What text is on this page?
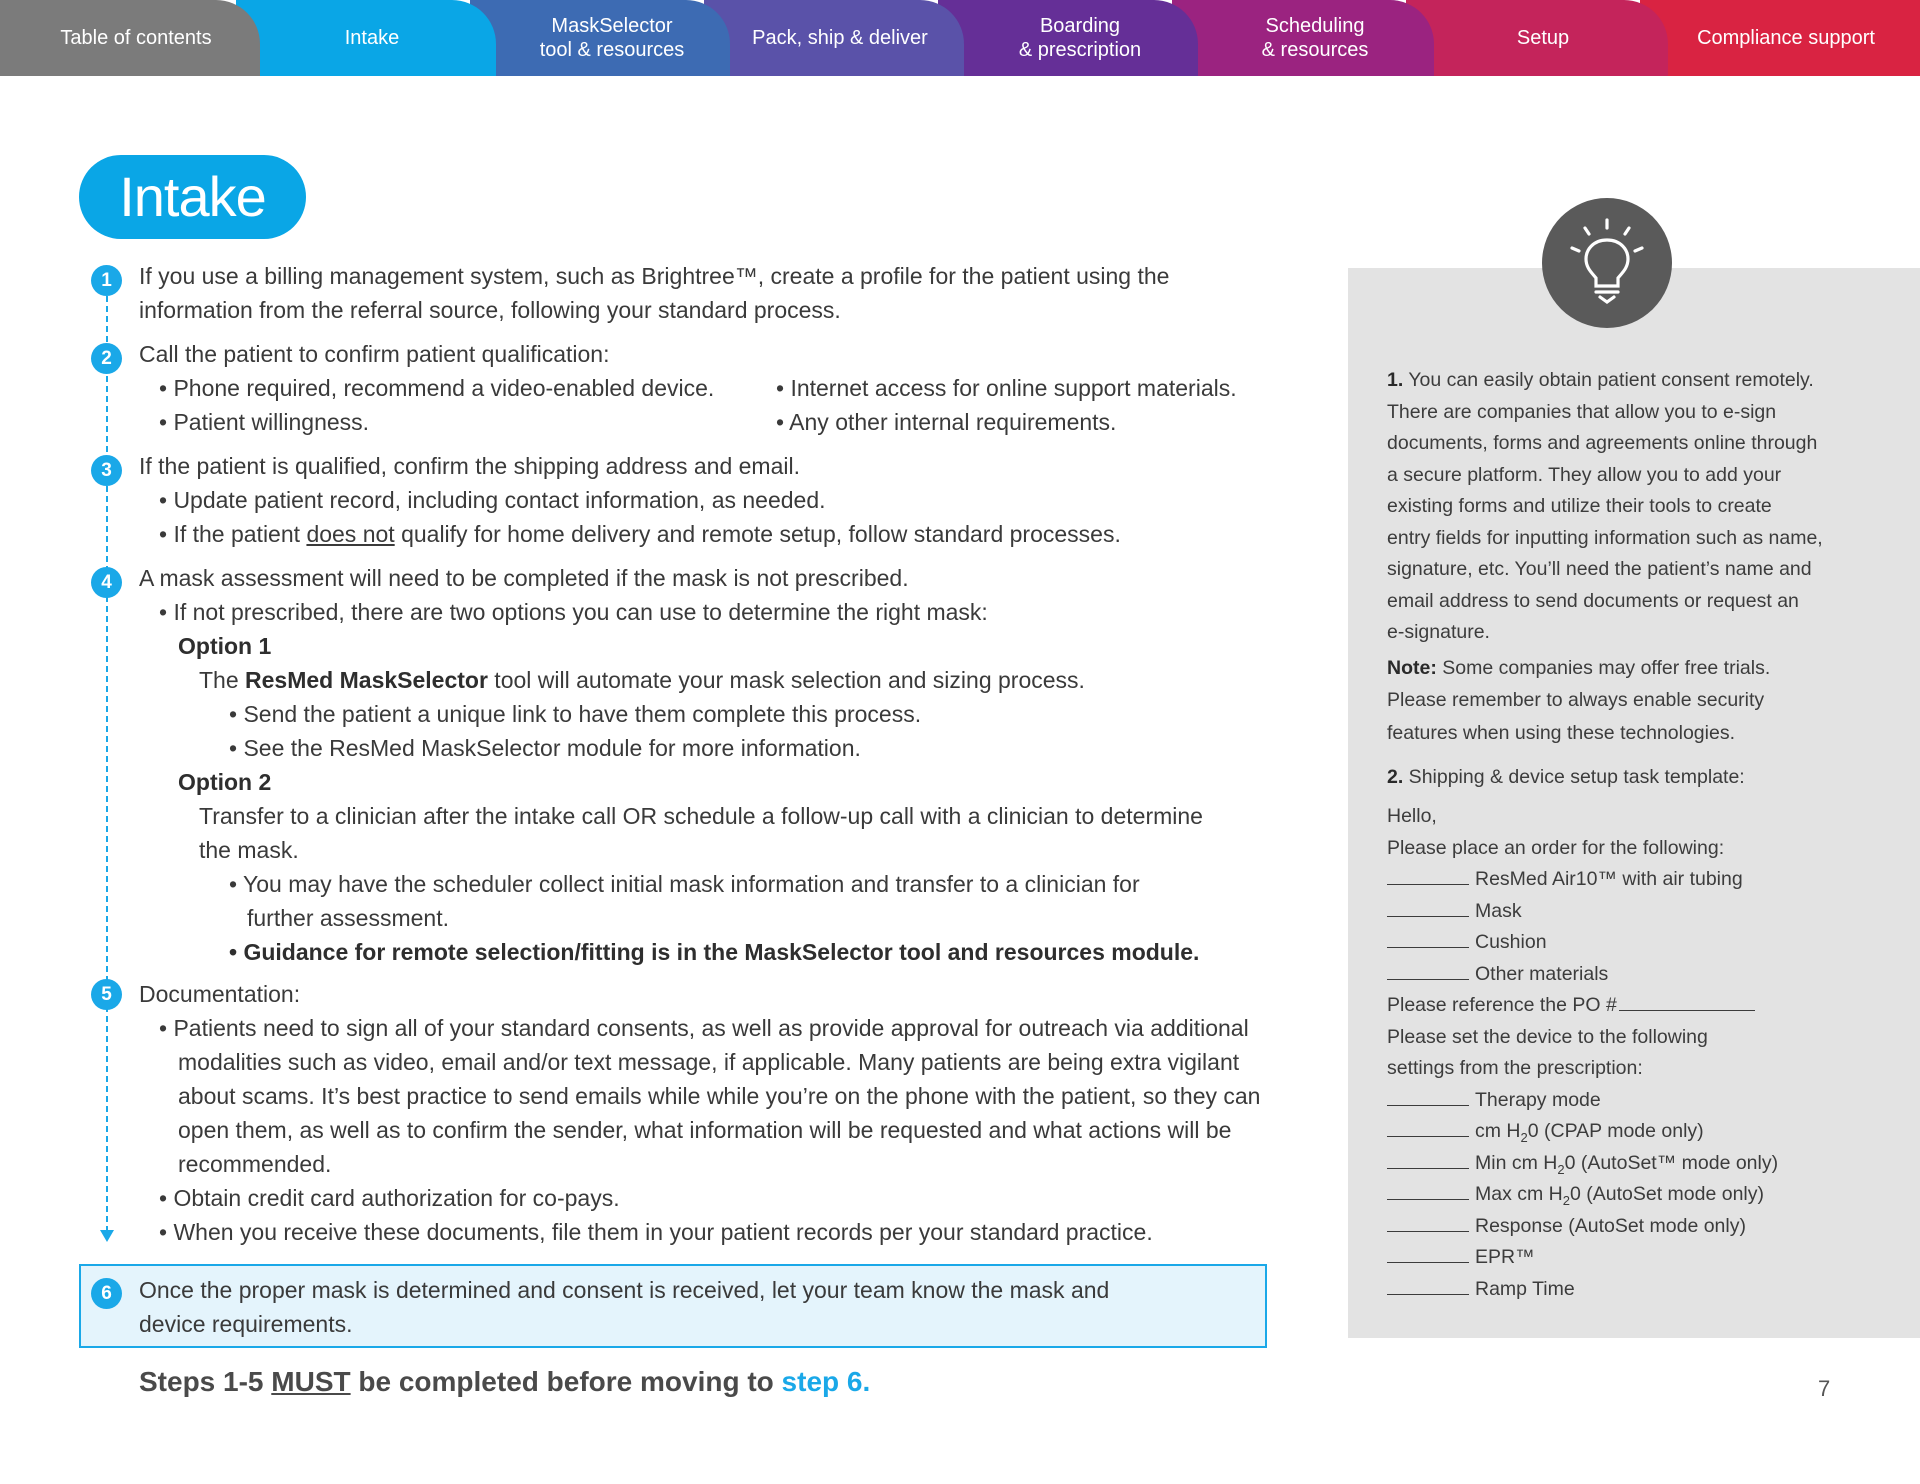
Table of contents	Intake
MaskSelector
tool & resources
Pack, ship & deliver
Boarding
& prescription
Scheduling
& resources
Setup	Compliance support
Intake
1	If you use a billing management system, such as Brightree™, create a profile for the patient using the
information from the referral source, following your standard process.
2	Call the patient to confirm patient qualification:
• Phone required, recommend a video-enabled device.
• Patient willingness.
• Internet access for online support materials.
• Any other internal requirements.
3	If the patient is qualified, confirm the shipping address and email.
• Update patient record, including contact information, as needed.
• If the patient does not qualify for home delivery and remote setup, follow standard processes.
4	A mask assessment will need to be completed if the mask is not prescribed.
• If not prescribed, there are two options you can use to determine the right mask:
Option 1
The ResMed MaskSelector tool will automate your mask selection and sizing process.
• Send the patient a unique link to have them complete this process.
• See the ResMed MaskSelector module for more information.
Option 2
Transfer to a clinician after the intake call OR schedule a follow-up call with a clinician to determine
the mask.
• You may have the scheduler collect initial mask information and transfer to a clinician for
further assessment.
• Guidance for remote selection/fitting is in the MaskSelector tool and resources module.
5	Documentation:
• Patients need to sign all of your standard consents, as well as provide approval for outreach via additional
modalities such as video, email and/or text message, if applicable. Many patients are being extra vigilant
about scams. It’s best practice to send emails while while you’re on the phone with the patient, so they can
open them, as well as to confirm the sender, what information will be requested and what actions will be
recommended.
• Obtain credit card authorization for co-pays.
• When you receive these documents, file them in your patient records per your standard practice.
6	Once the proper mask is determined and consent is received, let your team know the mask and
device requirements.
Steps 1-5 MUST be completed before moving to step 6.	7
1. You can easily obtain patient consent remotely.
There are companies that allow you to e-sign
documents, forms and agreements online through
a secure platform. They allow you to add your
existing forms and utilize their tools to create
entry fields for inputting information such as name,
signature, etc. You’ll need the patient’s name and
email address to send documents or request an
e-signature.
Note: Some companies may offer free trials.
Please remember to always enable security
features when using these technologies.
2. Shipping & device setup task template:
Hello,
Please place an order for the following:
ResMed Air10™ with air tubing
Mask
Cushion
Other materials
Please reference the PO #
Please set the device to the following
settings from the prescription:
Therapy mode
cm $H_20$ (CPAP mode only)
Min cm $H_20$ (AutoSet™ mode only)
Max cm $H_20$ (AutoSet mode only)
Response (AutoSet mode only)
EPR™
Ramp Time
